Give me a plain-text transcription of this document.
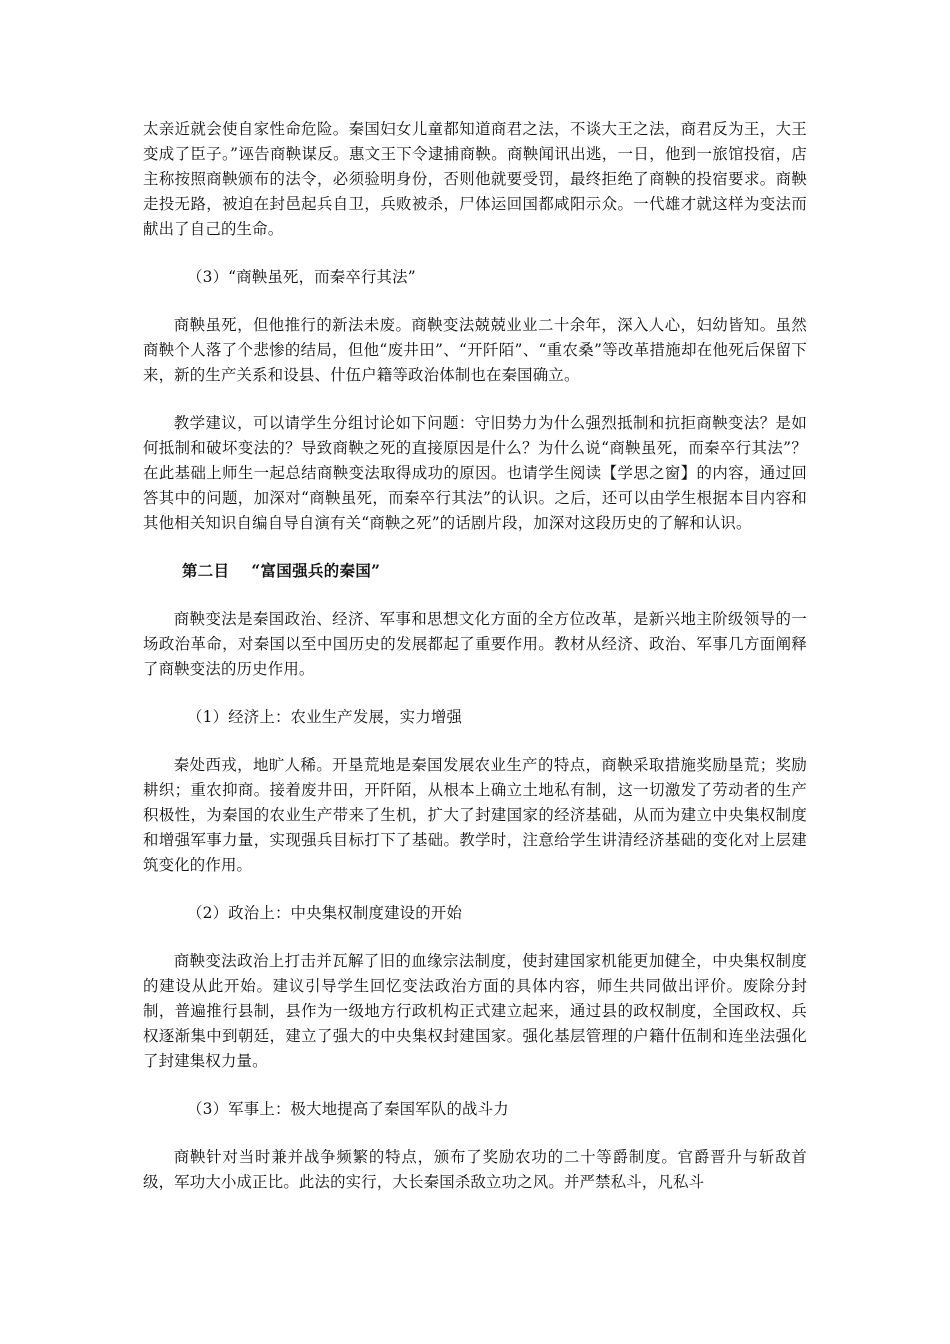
太亲近就会使自家性命危险。秦国妇女儿童都知道商君之法，不谈大王之法，商君反为王，大王变成了臣子。”诬告商鞅谋反。惠文王下令逮捕商鞅。商鞅闻讯出逃，一日，他到一旅馆投宿，店主称按照商鞅颁布的法令，必须验明身份，否则他就要受罚，最终拒绝了商鞅的投宿要求。商鞅走投无路，被迫在封邑起兵自卫，兵败被杀，尸体运回国都咸阳示众。一代雄才就这样为变法而献出了自己的生命。

（3）“商鞅虽死，而秦卒行其法”

商鞅虽死，但他推行的新法未废。商鞅变法兢兢业业二十余年，深入人心，妇幼皆知。虽然商鞅个人落了个悲惨的结局，但他“废井田”、“开阡陌”、“重农桑”等改革措施却在他死后保留下来，新的生产关系和设县、什伍户籍等政治体制也在秦国确立。

教学建议，可以请学生分组讨论如下问题：守旧势力为什么强烈抵制和抗拒商鞅变法？是如何抵制和破坏变法的？导致商鞅之死的直接原因是什么？为什么说“商鞅虽死，而秦卒行其法”？在此基础上师生一起总结商鞅变法取得成功的原因。也请学生阅读【学思之窗】的内容，通过回答其中的问题，加深对“商鞅虽死，而秦卒行其法”的认识。之后，还可以由学生根据本目内容和其他相关知识自编自导自演有关“商鞅之死”的话剧片段，加深对这段历史的了解和认识。

第二目 “富国强兵的秦国”

商鞅变法是秦国政治、经济、军事和思想文化方面的全方位改革，是新兴地主阶级领导的一场政治革命，对秦国以至中国历史的发展都起了重要作用。教材从经济、政治、军事几方面阐释了商鞅变法的历史作用。

（1）经济上：农业生产发展，实力增强

秦处西戎，地旷人稀。开垦荒地是秦国发展农业生产的特点，商鞅采取措施奖励垦荒；奖励耕织；重农抑商。接着废井田，开阡陌，从根本上确立土地私有制，这一切激发了劳动者的生产积极性，为秦国的农业生产带来了生机，扩大了封建国家的经济基础，从而为建立中央集权制度和增强军事力量，实现强兵目标打下了基础。教学时，注意给学生讲清经济基础的变化对上层建筑变化的作用。

（2）政治上：中央集权制度建设的开始

商鞅变法政治上打击并瓦解了旧的血缘宗法制度，使封建国家机能更加健全，中央集权制度的建设从此开始。建议引导学生回忆变法政治方面的具体内容，师生共同做出评价。废除分封制，普遍推行县制，县作为一级地方行政机构正式建立起来，通过县的政权制度，全国政权、兵权逐渐集中到朝廷，建立了强大的中央集权封建国家。强化基层管理的户籍什伍制和连坐法强化了封建集权力量。

（3）军事上：极大地提高了秦国军队的战斗力

商鞅针对当时兼并战争频繁的特点，颁布了奖励农功的二十等爵制度。官爵晋升与斩敌首级，军功大小成正比。此法的实行，大长秦国杀敌立功之风。并严禁私斗，凡私斗
